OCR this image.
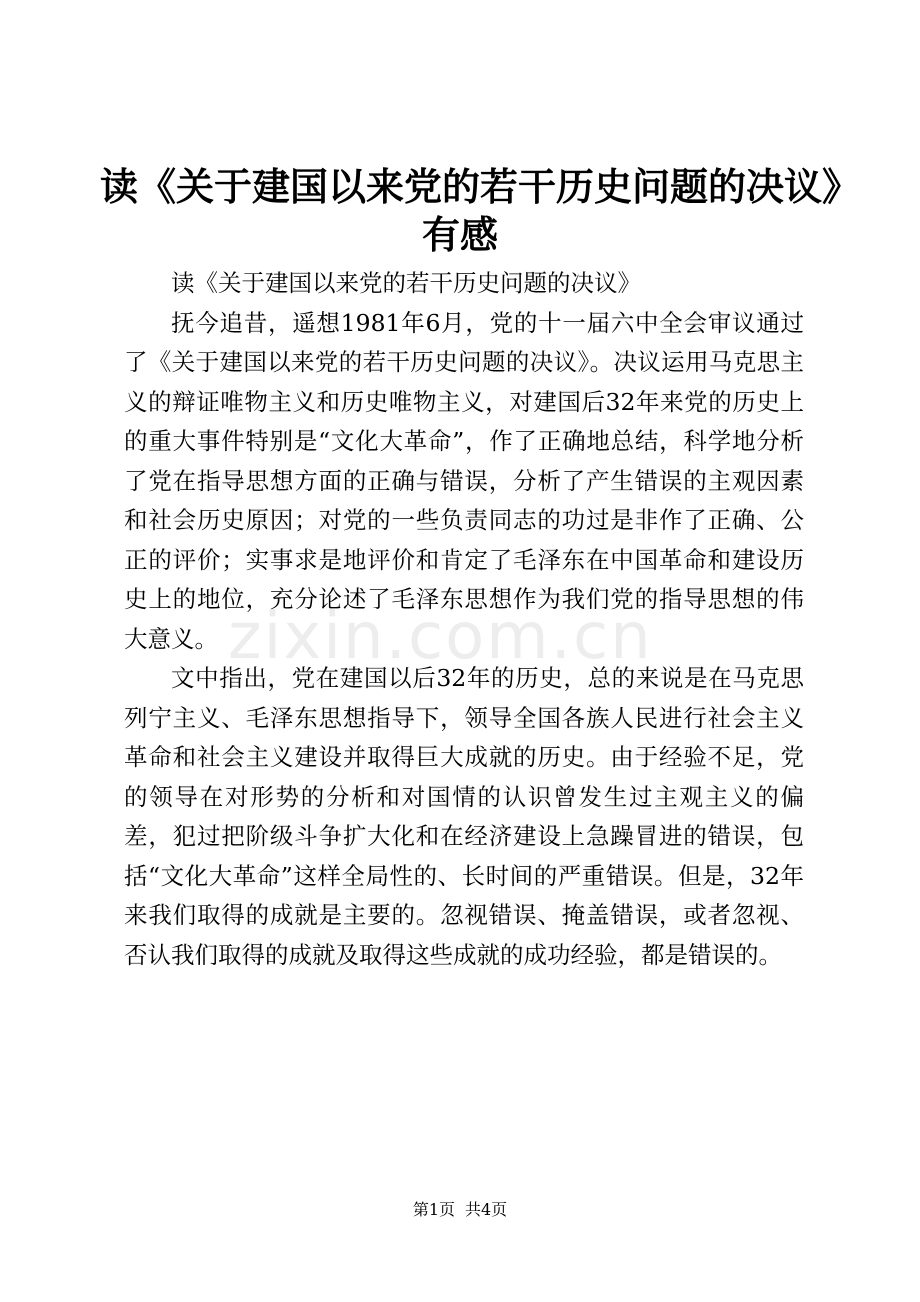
读《关于建国以来党的若干历史问题的决议》
有感

读《关于建国以来党的若干历史问题的决议》

抚今追昔，遥想1981年6月，党的十一届六中全会审议通过了《关于建国以来党的若干历史问题的决议》。决议运用马克思主义的辩证唯物主义和历史唯物主义，对建国后32年来党的历史上的重大事件特别是“文化大革命”，作了正确地总结，科学地分析了党在指导思想方面的正确与错误，分析了产生错误的主观因素和社会历史原因；对党的一些负责同志的功过是非作了正确、公正的评价；实事求是地评价和肯定了毛泽东在中国革命和建设历史上的地位，充分论述了毛泽东思想作为我们党的指导思想的伟大意义。

文中指出，党在建国以后32年的历史，总的来说是在马克思列宁主义、毛泽东思想指导下，领导全国各族人民进行社会主义革命和社会主义建设并取得巨大成就的历史。由于经验不足，党的领导在对形势的分析和对国情的认识曾发生过主观主义的偏差，犯过把阶级斗争扩大化和在经济建设上急躁冒进的错误，包括“文化大革命”这样全局性的、长时间的严重错误。但是，32年来我们取得的成就是主要的。忽视错误、掩盖错误，或者忽视、否认我们取得的成就及取得这些成就的成功经验，都是错误的。

zixin.com.cn
第1页 共4页
